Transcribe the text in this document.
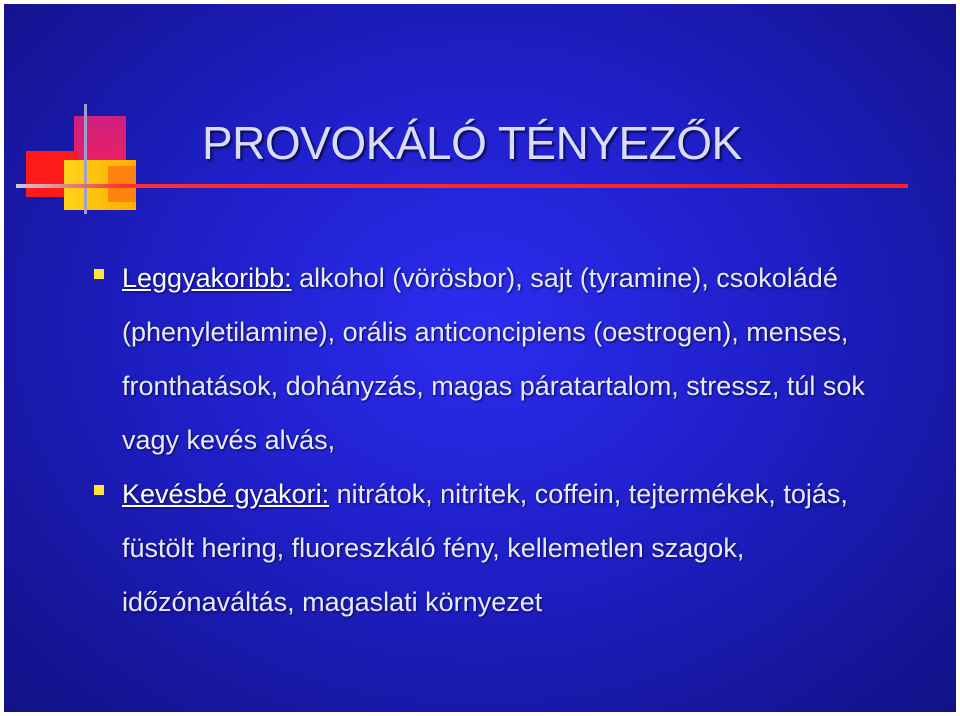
PROVOKÁLÓ TÉNYEZŐK
Leggyakoribb: alkohol (vörösbor), sajt (tyramine), csokoládé (phenyletilamine), orális anticoncipiens (oestrogen), menses, fronthatások, dohányzás, magas páratartalom, stressz, túl sok vagy kevés alvás,
Kevésbé gyakori: nitrátok, nitritek, coffein, tejtermékek, tojás, füstölt hering, fluoreszkáló fény, kellemetlen szagok, időzónaváltás, magaslati környezet
